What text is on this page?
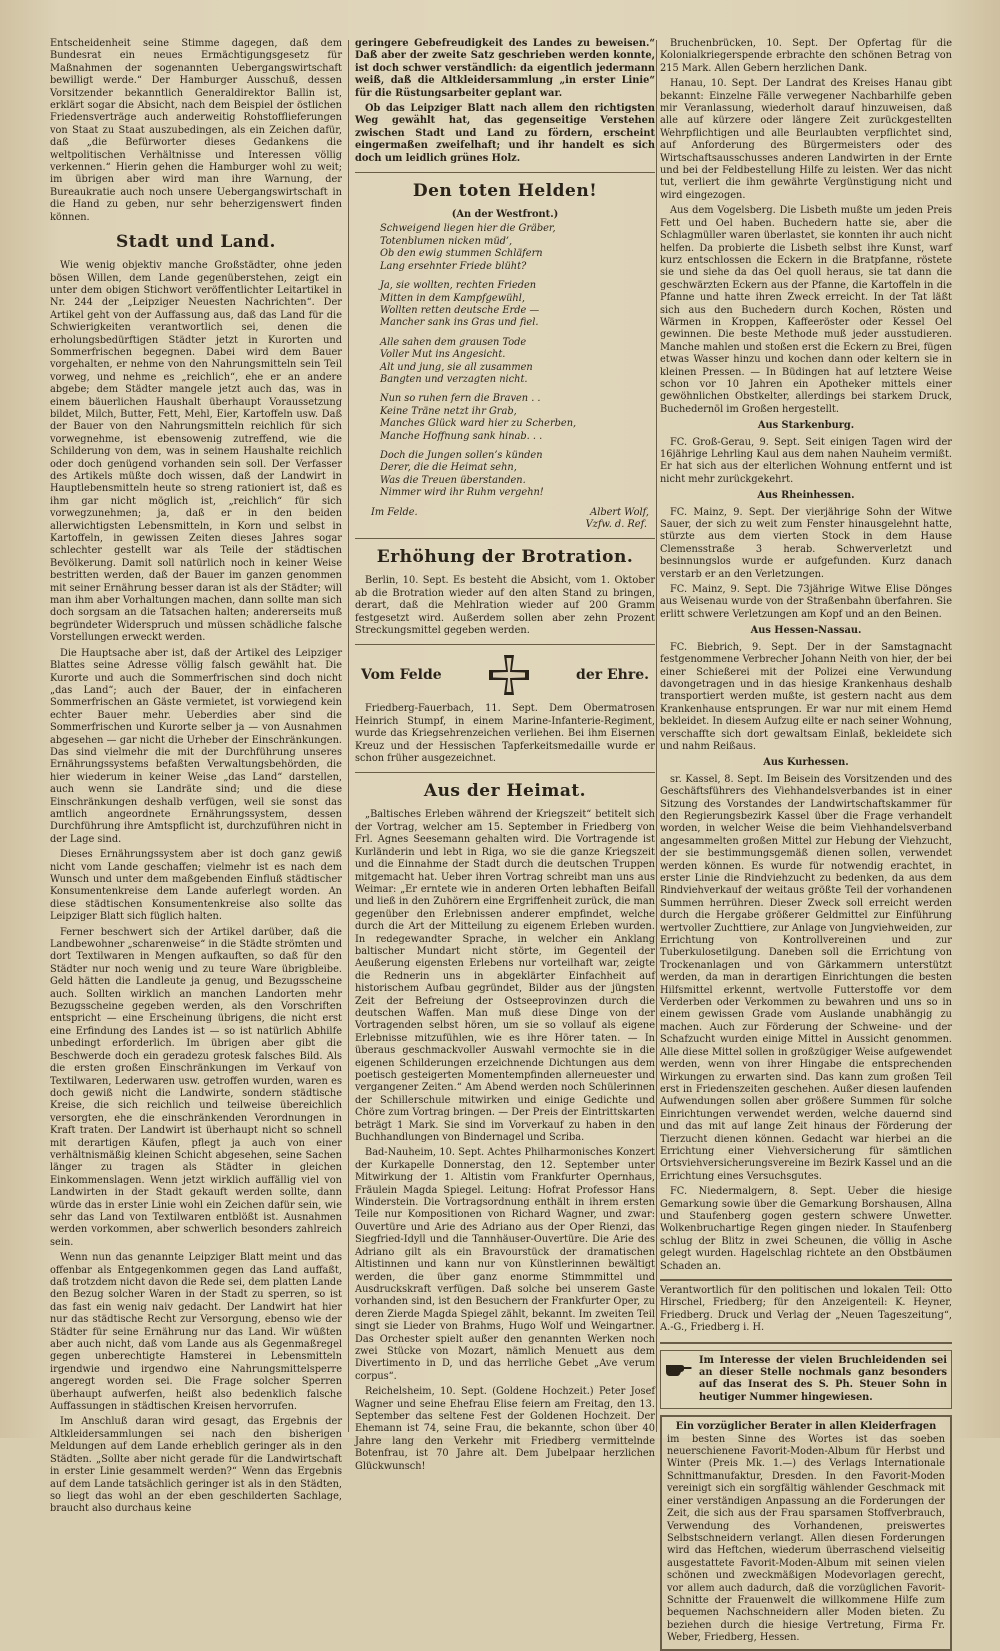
Entscheidenheit seine Stimme dagegen, daß dem Bundesrat ein neues Ermächtigungsgesetz für Maßnahmen der sogenannten Uebergangswirtschaft bewilligt werde.“ Der Hamburger Ausschuß, dessen Vorsitzender bekanntlich Generaldirektor Ballin ist, erklärt sogar die Absicht, nach dem Beispiel der östlichen Friedensverträge auch anderweitig Rohstofflieferungen von Staat zu Staat auszubedingen, als ein Zeichen dafür, daß „die Befürworter dieses Gedankens die weltpolitischen Verhältnisse und Interessen völlig verkennen.“ Hierin gehen die Hamburger wohl zu weit; im übrigen aber wird man ihre Warnung, der Bureaukratie auch noch unsere Uebergangswirtschaft in die Hand zu geben, nur sehr beherzigenswert finden können.

Stadt und Land.

Wie wenig objektiv manche Großstädter, ohne jeden bösen Willen, dem Lande gegenüberstehen, zeigt ein unter dem obigen Stichwort veröffentlichter Leitartikel in Nr. 244 der „Leipziger Neuesten Nachrichten“. Der Artikel geht von der Auffassung aus, daß das Land für die Schwierigkeiten verantwortlich sei, denen die erholungsbedürftigen Städter jetzt in Kurorten und Sommerfrischen begegnen. Dabei wird dem Bauer vorgehalten, er nehme von den Nahrungsmitteln sein Teil vorweg, und nehme es „reichlich“, ehe er an andere abgebe; dem Städter mangele jetzt auch das, was in einem bäuerlichen Haushalt überhaupt Voraussetzung bildet, Milch, Butter, Fett, Mehl, Eier, Kartoffeln usw. Daß der Bauer von den Nahrungsmitteln reichlich für sich vorwegnehme, ist ebensowenig zutreffend, wie die Schilderung von dem, was in seinem Haushalte reichlich oder doch genügend vorhanden sein soll. Der Verfasser des Artikels müßte doch wissen, daß der Landwirt in Hauptlebensmitteln heute so streng rationiert ist, daß es ihm gar nicht möglich ist, „reichlich“ für sich vorwegzunehmen; ja, daß er in den beiden allerwichtigsten Lebensmitteln, in Korn und selbst in Kartoffeln, in gewissen Zeiten dieses Jahres sogar schlechter gestellt war als Teile der städtischen Bevölkerung. Damit soll natürlich noch in keiner Weise bestritten werden, daß der Bauer im ganzen genommen mit seiner Ernährung besser daran ist als der Städter; will man ihm aber Vorhaltungen machen, dann sollte man sich doch sorgsam an die Tatsachen halten; andererseits muß begründeter Widerspruch und müssen schädliche falsche Vorstellungen erweckt werden.

Die Hauptsache aber ist, daß der Artikel des Leipziger Blattes seine Adresse völlig falsch gewählt hat. Die Kurorte und auch die Sommerfrischen sind doch nicht „das Land“; auch der Bauer, der in einfacheren Sommerfrischen an Gäste vermietet, ist vorwiegend kein echter Bauer mehr. Ueberdies aber sind die Sommerfrischen und Kurorte selber ja — von Ausnahmen abgesehen — gar nicht die Urheber der Einschränkungen. Das sind vielmehr die mit der Durchführung unseres Ernährungssystems befaßten Verwaltungsbehörden, die hier wiederum in keiner Weise „das Land“ darstellen, auch wenn sie Landräte sind; und die diese Einschränkungen deshalb verfügen, weil sie sonst das amtlich angeordnete Ernährungssystem, dessen Durchführung ihre Amtspflicht ist, durchzuführen nicht in der Lage sind.

Dieses Ernährungssystem aber ist doch ganz gewiß nicht vom Lande geschaffen; vielmehr ist es nach dem Wunsch und unter dem maßgebenden Einfluß städtischer Konsumentenkreise dem Lande auferlegt worden. An diese städtischen Konsumentenkreise also sollte das Leipziger Blatt sich füglich halten.

Ferner beschwert sich der Artikel darüber, daß die Landbewohner „scharenweise“ in die Städte strömten und dort Textilwaren in Mengen aufkauften, so daß für den Städter nur noch wenig und zu teure Ware übrigbleibe. Geld hätten die Landleute ja genug, und Bezugsscheine auch. Sollten wirklich an manchen Landorten mehr Bezugsscheine gegeben werden, als den Vorschriften entspricht — eine Erscheinung übrigens, die nicht erst eine Erfindung des Landes ist — so ist natürlich Abhilfe unbedingt erforderlich. Im übrigen aber gibt die Beschwerde doch ein geradezu grotesk falsches Bild. Als die ersten großen Einschränkungen im Verkauf von Textilwaren, Lederwaren usw. getroffen wurden, waren es doch gewiß nicht die Landwirte, sondern städtische Kreise, die sich reichlich und teilweise übereichlich versorgten, ehe die einschränkenden Verordnungen in Kraft traten. Der Landwirt ist überhaupt nicht so schnell mit derartigen Käufen, pflegt ja auch von einer verhältnismäßig kleinen Schicht abgesehen, seine Sachen länger zu tragen als Städter in gleichen Einkommenslagen. Wenn jetzt wirklich auffällig viel von Landwirten in der Stadt gekauft werden sollte, dann würde das in erster Linie wohl ein Zeichen dafür sein, wie sehr das Land von Textilwaren entblößt ist. Ausnahmen werden vorkommen, aber schwerlich besonders zahlreich sein.

Wenn nun das genannte Leipziger Blatt meint und das offenbar als Entgegenkommen gegen das Land auffaßt, daß trotzdem nicht davon die Rede sei, dem platten Lande den Bezug solcher Waren in der Stadt zu sperren, so ist das fast ein wenig naiv gedacht. Der Landwirt hat hier nur das städtische Recht zur Versorgung, ebenso wie der Städter für seine Ernährung nur das Land. Wir wüßten aber auch nicht, daß vom Lande aus als Gegenmaßregel gegen unberechtigte Hamsterei in Lebensmitteln irgendwie und irgendwo eine Nahrungsmittelsperre angeregt worden sei. Die Frage solcher Sperren überhaupt aufwerfen, heißt also bedenklich falsche Auffassungen in städtischen Kreisen hervorrufen.

Im Anschluß daran wird gesagt, das Ergebnis der Altkleidersammlungen sei nach den bisherigen Meldungen auf dem Lande erheblich geringer als in den Städten. „Sollte aber nicht gerade für die Landwirtschaft in erster Linie gesammelt werden?“ Wenn das Ergebnis auf dem Lande tatsächlich geringer ist als in den Städten, so liegt das wohl an der eben geschilderten Sachlage, braucht also durchaus keine

geringere Gebefreudigkeit des Landes zu beweisen.“ Daß aber der zweite Satz geschrieben werden konnte, ist doch schwer verständlich: da eigentlich jedermann weiß, daß die Altkleidersammlung „in erster Linie“ für die Rüstungsarbeiter geplant war.

Ob das Leipziger Blatt nach allem den richtigsten Weg gewählt hat, das gegenseitige Verstehen zwischen Stadt und Land zu fördern, erscheint eingermaßen zweifelhaft; und ihr handelt es sich doch um leidlich grünes Holz.

Den toten Helden!
(An der Westfront.)
Schweigend liegen hier die Gräber,
Totenblumen nicken müd’,
Ob den ewig stummen Schläfern
Lang ersehnter Friede blüht?
Ja, sie wollten, rechten Frieden
Mitten in dem Kampfgewühl,
Wollten retten deutsche Erde —
Mancher sank ins Gras und fiel.
Alle sahen dem grausen Tode
Voller Mut ins Angesicht.
Alt und jung, sie all zusammen
Bangten und verzagten nicht.
Nun so ruhen fern die Braven . .
Keine Träne netzt ihr Grab,
Manches Glück ward hier zu Scherben,
Manche Hoffnung sank hinab. . .
Doch die Jungen sollen’s künden
Derer, die die Heimat sehn,
Was die Treuen überstanden.
Nimmer wird ihr Ruhm vergehn!
Im Felde.	Albert Wolf,
Vzfw. d. Ref.
Erhöhung der Brotration.

Berlin, 10. Sept. Es besteht die Absicht, vom 1. Oktober ab die Brotration wieder auf den alten Stand zu bringen, derart, daß die Mehlration wieder auf 200 Gramm festgesetzt wird. Außerdem sollen aber zehn Prozent Streckungsmittel gegeben werden.

Vom Felde	der Ehre.

Friedberg-Fauerbach, 11. Sept. Dem Obermatrosen Heinrich Stumpf, in einem Marine-Infanterie-Regiment, wurde das Kriegsehrenzeichen verliehen. Bei ihm Eisernen Kreuz und der Hessischen Tapferkeitsmedaille wurde er schon früher ausgezeichnet.

Aus der Heimat.

„Baltisches Erleben während der Kriegszeit“ betitelt sich der Vortrag, welcher am 15. September in Friedberg von Frl. Agnes Seesemann gehalten wird. Die Vortragende ist Kurländerin und lebt in Riga, wo sie die ganze Kriegszeit und die Einnahme der Stadt durch die deutschen Truppen mitgemacht hat. Ueber ihren Vortrag schreibt man uns aus Weimar: „Er erntete wie in anderen Orten lebhaften Beifall und ließ in den Zuhörern eine Ergriffenheit zurück, die man gegenüber den Erlebnissen anderer empfindet, welche durch die Art der Mitteilung zu eigenem Erleben wurden. In redegewandter Sprache, in welcher ein Anklang baltischer Mundart nicht störte, im Gegenteil der Aeußerung eigensten Erlebens nur vorteilhaft war, zeigte die Rednerin uns in abgeklärter Einfachheit auf historischem Aufbau gegründet, Bilder aus der jüngsten Zeit der Befreiung der Ostseeprovinzen durch die deutschen Waffen. Man muß diese Dinge von der Vortragenden selbst hören, um sie so vollauf als eigene Erlebnisse mitzufühlen, wie es ihre Hörer taten. — In überaus geschmackvoller Auswahl vermochte sie in die eigenen Schilderungen erzeichnende Dichtungen aus dem poetisch gesteigerten Momentempfinden allerneuester und vergangener Zeiten.“ Am Abend werden noch Schülerinnen der Schillerschule mitwirken und einige Gedichte und Chöre zum Vortrag bringen. — Der Preis der Eintrittskarten beträgt 1 Mark. Sie sind im Vorverkauf zu haben in den Buchhandlungen von Bindernagel und Scriba.

Bad-Nauheim, 10. Sept. Achtes Philharmonisches Konzert der Kurkapelle Donnerstag, den 12. September unter Mitwirkung der 1. Altistin vom Frankfurter Opernhaus, Fräulein Magda Spiegel. Leitung: Hofrat Professor Hans Winderstein. Die Vortragsordnung enthält in ihrem ersten Teile nur Kompositionen von Richard Wagner, und zwar: Ouvertüre und Arie des Adriano aus der Oper Rienzi, das Siegfried-Idyll und die Tannhäuser-Ouvertüre. Die Arie des Adriano gilt als ein Bravourstück der dramatischen Altistinnen und kann nur von Künstlerinnen bewältigt werden, die über ganz enorme Stimmmittel und Ausdruckskraft verfügen. Daß solche bei unserem Gaste vorhanden sind, ist den Besuchern der Frankfurter Oper, zu deren Zierde Magda Spiegel zählt, bekannt. Im zweiten Teil singt sie Lieder von Brahms, Hugo Wolf und Weingartner. Das Orchester spielt außer den genannten Werken noch zwei Stücke von Mozart, nämlich Menuett aus dem Divertimento in D, und das herrliche Gebet „Ave verum corpus“.

Reichelsheim, 10. Sept. (Goldene Hochzeit.) Peter Josef Wagner und seine Ehefrau Elise feiern am Freitag, den 13. September das seltene Fest der Goldenen Hochzeit. Der Ehemann ist 74, seine Frau, die bekannte, schon über 40 Jahre lang den Verkehr mit Friedberg vermittelnde Botenfrau, ist 70 Jahre alt. Dem Jubelpaar herzlichen Glückwunsch!

Bruchenbrücken, 10. Sept. Der Opfertag für die Kolonialkriegerspende erbrachte den schönen Betrag von 215 Mark. Allen Gebern herzlichen Dank.

Hanau, 10. Sept. Der Landrat des Kreises Hanau gibt bekannt: Einzelne Fälle verwegener Nachbarhilfe geben mir Veranlassung, wiederholt darauf hinzuweisen, daß alle auf kürzere oder längere Zeit zurückgestellten Wehrpflichtigen und alle Beurlaubten verpflichtet sind, auf Anforderung des Bürgermeisters oder des Wirtschaftsausschusses anderen Landwirten in der Ernte und bei der Feldbestellung Hilfe zu leisten. Wer das nicht tut, verliert die ihm gewährte Vergünstigung nicht und wird eingezogen.

Aus dem Vogelsberg. Die Lisbeth mußte um jeden Preis Fett und Oel haben. Buchedern hatte sie, aber die Schlagmüller waren überlastet, sie konnten ihr auch nicht helfen. Da probierte die Lisbeth selbst ihre Kunst, warf kurz entschlossen die Eckern in die Bratpfanne, röstete sie und siehe da das Oel quoll heraus, sie tat dann die geschwärzten Eckern aus der Pfanne, die Kartoffeln in die Pfanne und hatte ihren Zweck erreicht. In der Tat läßt sich aus den Buchedern durch Kochen, Rösten und Wärmen in Kroppen, Kaffeeröster oder Kessel Oel gewinnen. Die beste Methode muß jeder ausstudieren. Manche mahlen und stoßen erst die Eckern zu Brei, fügen etwas Wasser hinzu und kochen dann oder keltern sie in kleinen Pressen. — In Büdingen hat auf letztere Weise schon vor 10 Jahren ein Apotheker mittels einer gewöhnlichen Obstkelter, allerdings bei starkem Druck, Buchedernöl im Großen hergestellt.

Aus Starkenburg.

FC. Groß-Gerau, 9. Sept. Seit einigen Tagen wird der 16jährige Lehrling Kaul aus dem nahen Nauheim vermißt. Er hat sich aus der elterlichen Wohnung entfernt und ist nicht mehr zurückgekehrt.

Aus Rheinhessen.

FC. Mainz, 9. Sept. Der vierjährige Sohn der Witwe Sauer, der sich zu weit zum Fenster hinausgelehnt hatte, stürzte aus dem vierten Stock in dem Hause Clemensstraße 3 herab. Schwerverletzt und besinnungslos wurde er aufgefunden. Kurz danach verstarb er an den Verletzungen.

FC. Mainz, 9. Sept. Die 73jährige Witwe Elise Dönges aus Weisenau wurde von der Straßenbahn überfahren. Sie erlitt schwere Verletzungen am Kopf und an den Beinen.

Aus Hessen-Nassau.

FC. Biebrich, 9. Sept. Der in der Samstagnacht festgenommene Verbrecher Johann Neith von hier, der bei einer Schießerei mit der Polizei eine Verwundung davongetragen und in das hiesige Krankenhaus deshalb transportiert werden mußte, ist gestern nacht aus dem Krankenhause entsprungen. Er war nur mit einem Hemd bekleidet. In diesem Aufzug eilte er nach seiner Wohnung, verschaffte sich dort gewaltsam Einlaß, bekleidete sich und nahm Reißaus.

Aus Kurhessen.

sr. Kassel, 8. Sept. Im Beisein des Vorsitzenden und des Geschäftsführers des Viehhandelsverbandes ist in einer Sitzung des Vorstandes der Landwirtschaftskammer für den Regierungsbezirk Kassel über die Frage verhandelt worden, in welcher Weise die beim Viehhandelsverband angesammelten großen Mittel zur Hebung der Viehzucht, der sie bestimmungsgemäß dienen sollen, verwendet werden können. Es wurde für notwendig erachtet, in erster Linie die Rindviehzucht zu bedenken, da aus dem Rindviehverkauf der weitaus größte Teil der vorhandenen Summen herrühren. Dieser Zweck soll erreicht werden durch die Hergabe größerer Geldmittel zur Einführung wertvoller Zuchttiere, zur Anlage von Jungviehweiden, zur Errichtung von Kontrollvereinen und zur Tuberkulosetilgung. Daneben soll die Errichtung von Trockenanlagen und von Gärkammern unterstützt werden, da man in derartigen Einrichtungen die besten Hilfsmittel erkennt, wertvolle Futterstoffe vor dem Verderben oder Verkommen zu bewahren und uns so in einem gewissen Grade vom Auslande unabhängig zu machen. Auch zur Förderung der Schweine- und der Schafzucht wurden einige Mittel in Aussicht genommen. Alle diese Mittel sollen in großzügiger Weise aufgewendet werden, wenn von ihrer Hingabe die entsprechenden Wirkungen zu erwarten sind. Das kann zum großen Teil erst in Friedenszeiten geschehen. Außer diesen laufenden Aufwendungen sollen aber größere Summen für solche Einrichtungen verwendet werden, welche dauernd sind und das mit auf lange Zeit hinaus der Förderung der Tierzucht dienen können. Gedacht war hierbei an die Errichtung einer Viehversicherung für sämtlichen Ortsviehversicherungsvereine im Bezirk Kassel und an die Errichtung eines Versuchsgutes.

FC. Niedermalgern, 8. Sept. Ueber die hiesige Gemarkung sowie über die Gemarkung Borshausen, Allna und Staufenberg gogen gestern schwere Unwetter. Wolkenbruchartige Regen gingen nieder. In Staufenberg schlug der Blitz in zwei Scheunen, die völlig in Asche gelegt wurden. Hagelschlag richtete an den Obstbäumen Schaden an.

Verantwortlich für den politischen und lokalen Teil: Otto Hirschel, Friedberg; für den Anzeigenteil: K. Heyner, Friedberg. Druck und Verlag der „Neuen Tageszeitung“, A.-G., Friedberg i. H.

Im Interesse der vielen Bruchleidenden sei an dieser Stelle nochmals ganz besonders auf das Inserat des S. Ph. Steuer Sohn in heutiger Nummer hingewiesen.

Ein vorzüglicher Berater in allen Kleiderfragen

im besten Sinne des Wortes ist das soeben neuerschienene Favorit-Moden-Album für Herbst und Winter (Preis Mk. 1.—) des Verlags Internationale Schnittmanufaktur, Dresden. In den Favorit-Moden vereinigt sich ein sorgfältig wählender Geschmack mit einer verständigen Anpassung an die Forderungen der Zeit, die sich aus der Frau sparsamen Stoffverbrauch, Verwendung des Vorhandenen, preiswertes Selbstschneidern verlangt. Allen diesen Forderungen wird das Heftchen, wiederum überraschend vielseitig ausgestattete Favorit-Moden-Album mit seinen vielen schönen und zweckmäßigen Modevorlagen gerecht, vor allem auch dadurch, daß die vorzüglichen Favorit-Schnitte der Frauenwelt die willkommene Hilfe zum bequemen Nachschneidern aller Moden bieten. Zu beziehen durch die hiesige Vertretung, Firma Fr. Weber, Friedberg, Hessen.
